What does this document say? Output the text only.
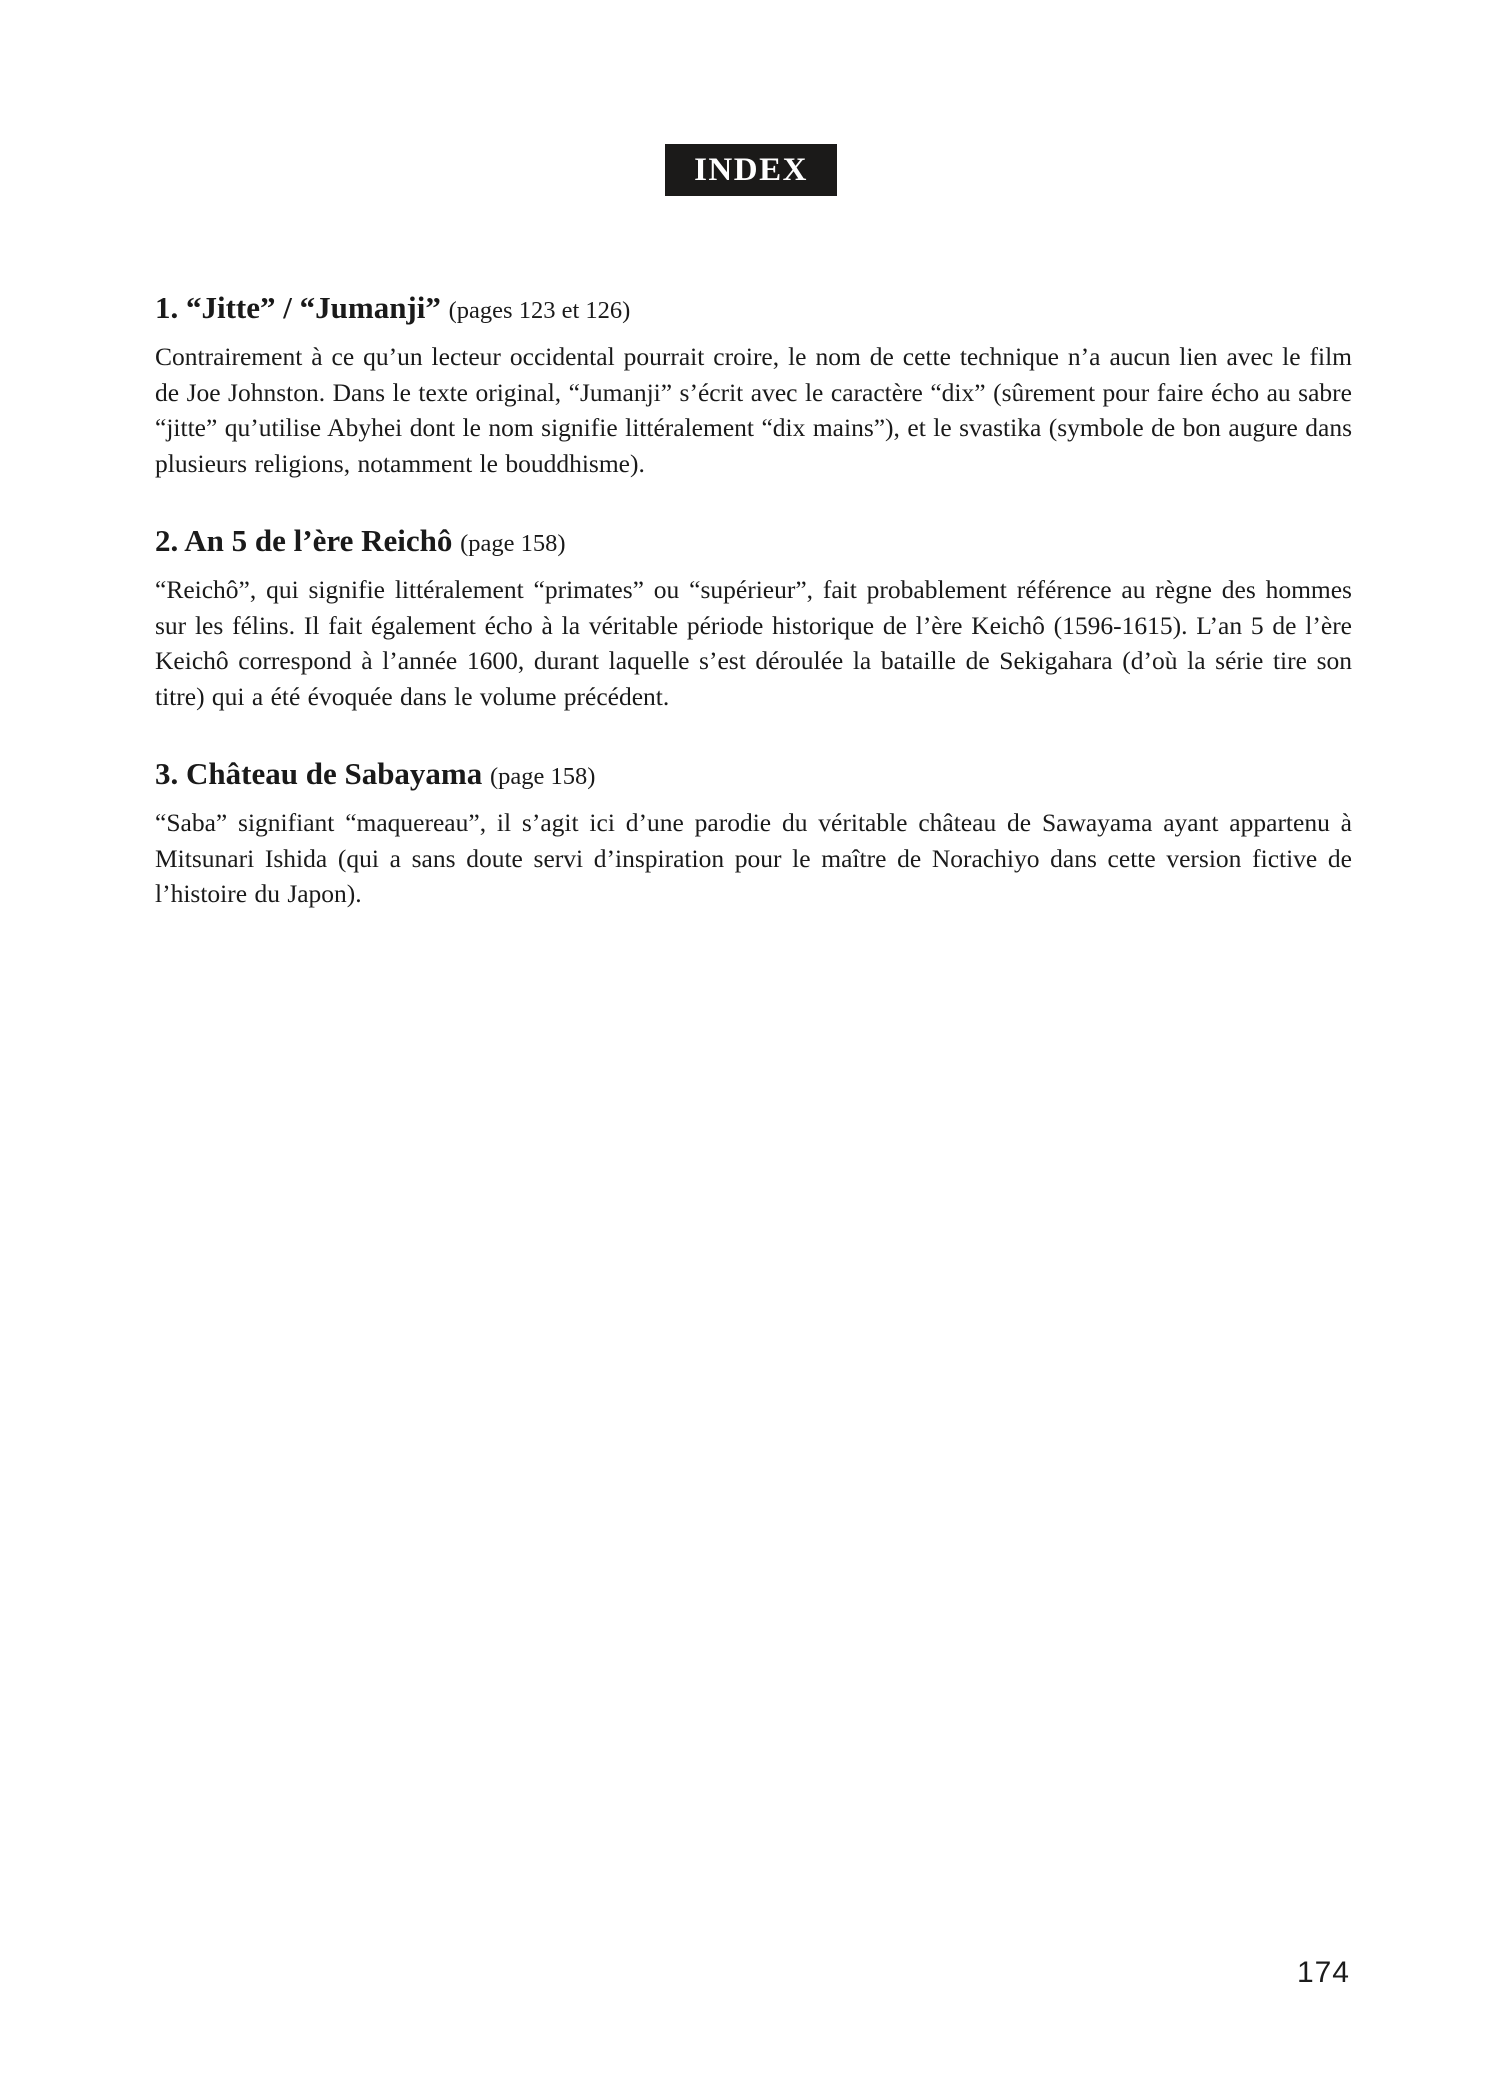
INDEX
1. “Jitte” / “Jumanji” (pages 123 et 126)

Contrairement à ce qu’un lecteur occidental pourrait croire, le nom de cette technique n’a aucun lien avec le film de Joe Johnston. Dans le texte original, “Jumanji” s’écrit avec le caractère “dix” (sûrement pour faire écho au sabre “jitte” qu’utilise Abyhei dont le nom signifie littéralement “dix mains”), et le svastika (symbole de bon augure dans plusieurs religions, notamment le bouddhisme).

2. An 5 de l’ère Reichô (page 158)

“Reichô”, qui signifie littéralement “primates” ou “supérieur”, fait probablement référence au règne des hommes sur les félins. Il fait également écho à la véritable période historique de l’ère Keichô (1596-1615). L’an 5 de l’ère Keichô correspond à l’année 1600, durant laquelle s’est déroulée la bataille de Sekigahara (d’où la série tire son titre) qui a été évoquée dans le volume précédent.

3. Château de Sabayama (page 158)

“Saba” signifiant “maquereau”, il s’agit ici d’une parodie du véritable château de Sawayama ayant appartenu à Mitsunari Ishida (qui a sans doute servi d’inspiration pour le maître de Norachiyo dans cette version fictive de l’histoire du Japon).

174
